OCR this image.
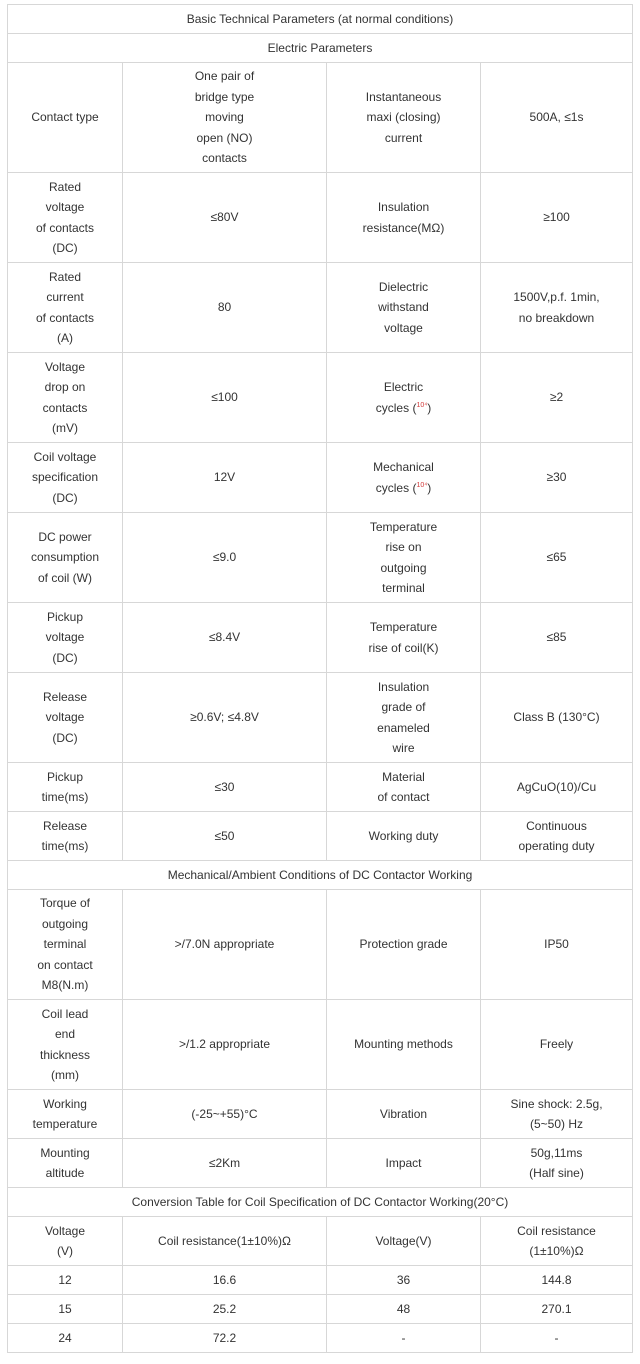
Basic Technical Parameters (at normal conditions)			
Electric Parameters			
Contact type	One pair of
bridge type
moving
open (NO)
contacts	Instantaneous
maxi (closing)
current	500A, ≤1s
Rated
voltage
of contacts
(DC)	≤80V	Insulation
resistance(MΩ)	≥100
Rated
current
of contacts
(A)	80	Dielectric
withstand
voltage	1500V,p.f. 1min,
no breakdown
Voltage
drop on
contacts
(mV)	≤100	Electric
cycles ($^{10^4}$)	≥2
Coil voltage
specification
(DC)	12V	Mechanical
cycles ($^{10^4}$)	≥30
DC power
consumption
of coil (W)	≤9.0	Temperature
rise on
outgoing
terminal	≤65
Pickup
voltage
(DC)	≤8.4V	Temperature
rise of coil(K)	≤85
Release
voltage
(DC)	≥0.6V; ≤4.8V	Insulation
grade of
enameled
wire	Class B (130°C)
Pickup
time(ms)	≤30	Material
of contact	AgCuO(10)/Cu
Release
time(ms)	≤50	Working duty	Continuous
operating duty
Mechanical/Ambient Conditions of DC Contactor Working			
Torque of
outgoing
terminal
on contact
M8(N.m)	>/7.0N appropriate	Protection grade	IP50
Coil lead
end
thickness
(mm)	>/1.2 appropriate	Mounting methods	Freely
Working
temperature	(-25~+55)°C	Vibration	Sine shock: 2.5g,
(5~50) Hz
Mounting
altitude	≤2Km	Impact	50g,11ms
(Half sine)
Conversion Table for Coil Specification of DC Contactor Working(20°C)			
Voltage
(V)	Coil resistance(1±10%)Ω	Voltage(V)	Coil resistance
(1±10%)Ω
12	16.6	36	144.8
15	25.2	48	270.1
24	72.2	-	-
